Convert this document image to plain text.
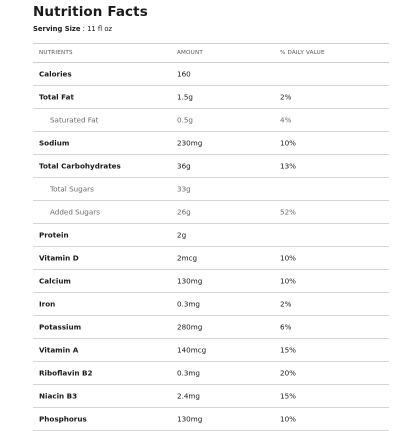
Nutrition Facts
Serving Size : 11 fl oz
NUTRIENTS	AMOUNT	% DAILY VALUE
Calories	160
Total Fat	1.5g	2%
Saturated Fat	0.5g	4%
Sodium	230mg	10%
Total Carbohydrates	36g	13%
Total Sugars	33g
Added Sugars	26g	52%
Protein	2g
Vitamin D	2mcg	10%
Calcium	130mg	10%
Iron	0.3mg	2%
Potassium	280mg	6%
Vitamin A	140mcg	15%
Riboflavin B2	0.3mg	20%
Niacin B3	2.4mg	15%
Phosphorus	130mg	10%
